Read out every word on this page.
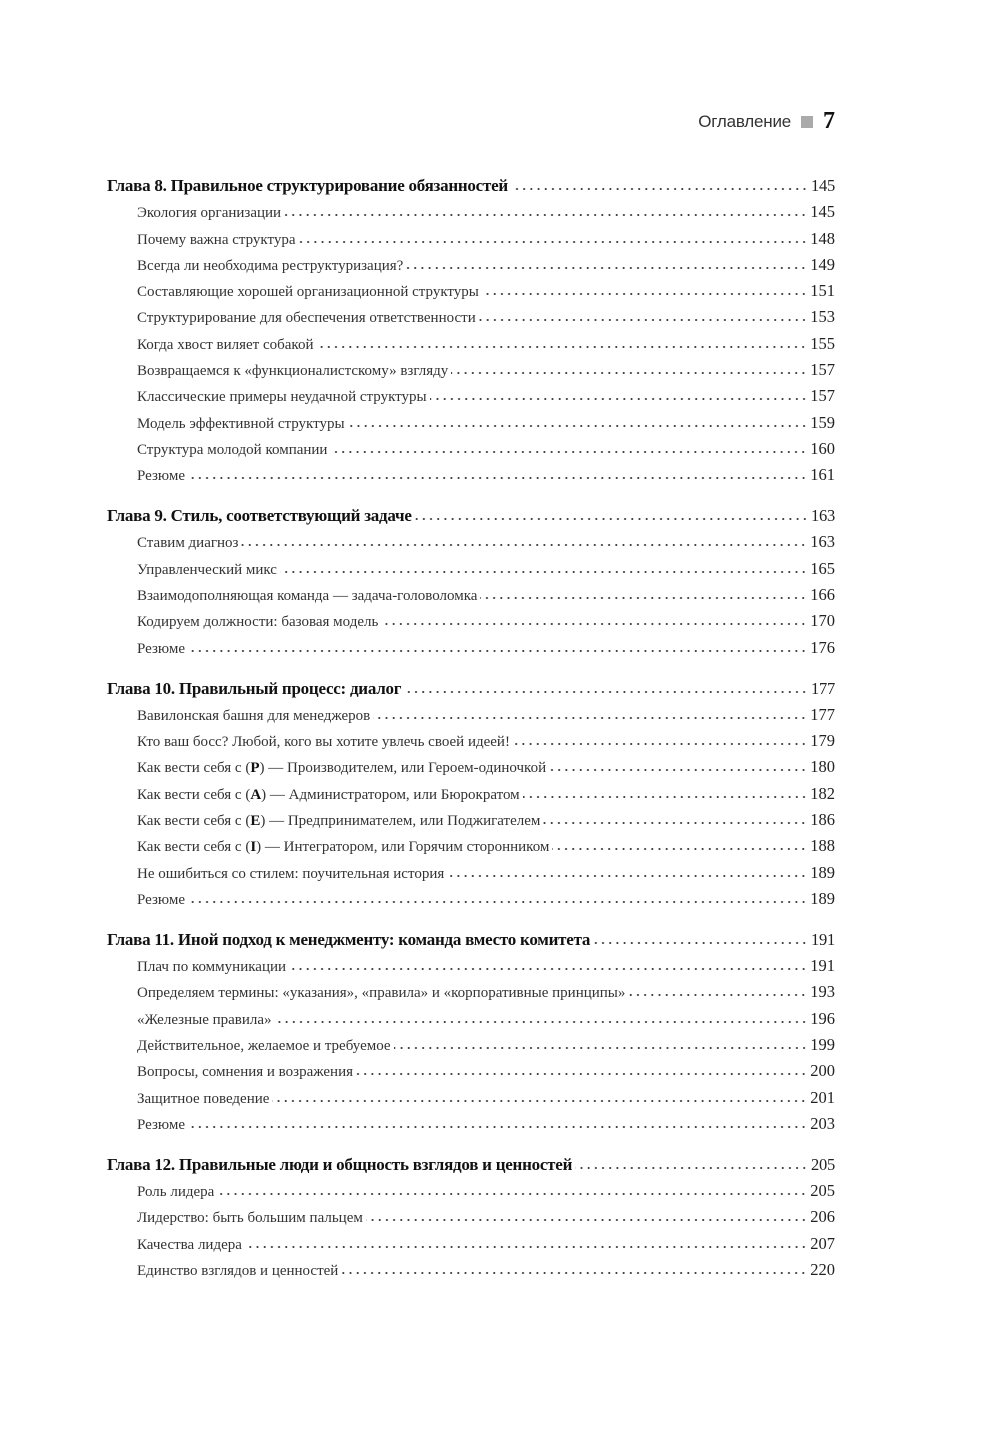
Оглавление 7
Глава 8. Правильное структурирование обязанностей	145
Экология организации	145
Почему важна структура	148
Всегда ли необходима реструктуризация?	149
Составляющие хорошей организационной структуры	151
Структурирование для обеспечения ответственности	153
Когда хвост виляет собакой	155
Возвращаемся к «функционалистскому» взгляду	157
Классические примеры неудачной структуры	157
Модель эффективной структуры	159
Структура молодой компании	160
Резюме	161
Глава 9. Стиль, соответствующий задаче	163
Ставим диагноз	163
Управленческий микс	165
Взаимодополняющая команда — задача-головоломка	166
Кодируем должности: базовая модель	170
Резюме	176
Глава 10. Правильный процесс: диалог	177
Вавилонская башня для менеджеров	177
Кто ваш босс? Любой, кого вы хотите увлечь своей идеей!	179
Как вести себя с (P) — Производителем, или Героем-одиночкой	180
Как вести себя с (A) — Администратором, или Бюрократом	182
Как вести себя с (E) — Предпринимателем, или Поджигателем	186
Как вести себя с (I) — Интегратором, или Горячим сторонником	188
Не ошибиться со стилем: поучительная история	189
Резюме	189
Глава 11. Иной подход к менеджменту: команда вместо комитета	191
Плач по коммуникации	191
Определяем термины: «указания», «правила» и «корпоративные принципы»	193
«Железные правила»	196
Действительное, желаемое и требуемое	199
Вопросы, сомнения и возражения	200
Защитное поведение	201
Резюме	203
Глава 12. Правильные люди и общность взглядов и ценностей	205
Роль лидера	205
Лидерство: быть большим пальцем	206
Качества лидера	207
Единство взглядов и ценностей	220
